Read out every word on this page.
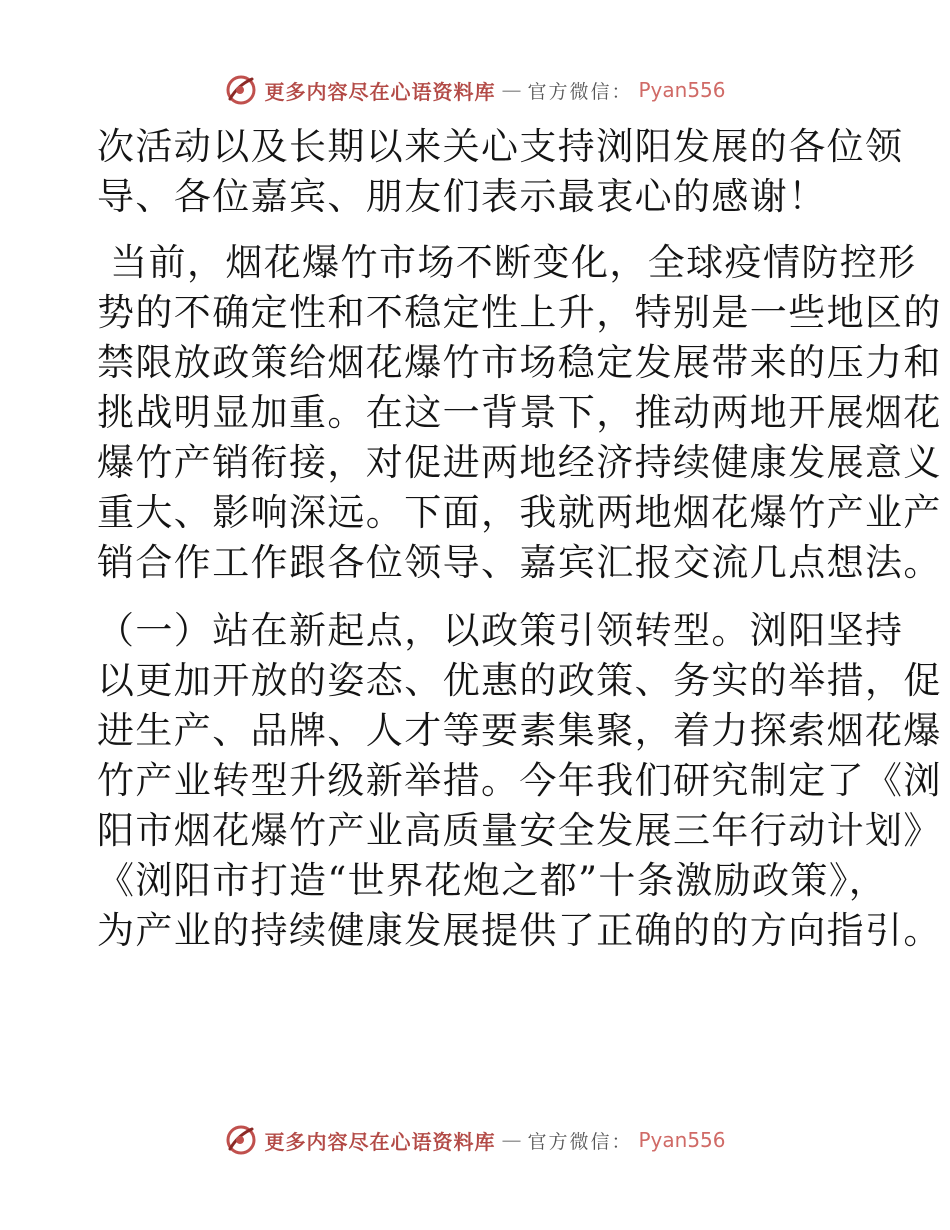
更多内容尽在心语资料库 — 官方微信： Pyan556

次活动以及长期以来关心支持浏阳发展的各位领
导、各位嘉宾、朋友们表示最衷心的感谢！

当前，烟花爆竹市场不断变化，全球疫情防控形
势的不确定性和不稳定性上升，特别是一些地区的
禁限放政策给烟花爆竹市场稳定发展带来的压力和
挑战明显加重。在这一背景下，推动两地开展烟花
爆竹产销衔接，对促进两地经济持续健康发展意义
重大、影响深远。下面，我就两地烟花爆竹产业产
销合作工作跟各位领导、嘉宾汇报交流几点想法。

（一）站在新起点，以政策引领转型。浏阳坚持
以更加开放的姿态、优惠的政策、务实的举措，促
进生产、品牌、人才等要素集聚，着力探索烟花爆
竹产业转型升级新举措。今年我们研究制定了《浏
阳市烟花爆竹产业高质量安全发展三年行动计划》
《浏阳市打造“世界花炮之都”十条激励政策》，
为产业的持续健康发展提供了正确的的方向指引。

更多内容尽在心语资料库 — 官方微信： Pyan556
